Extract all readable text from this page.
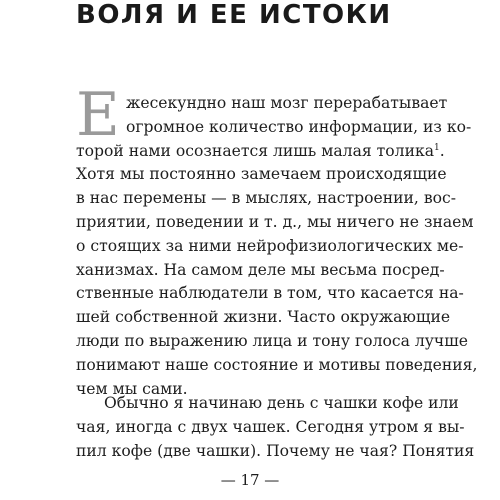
ВОЛЯ И ЕЕ ИСТОКИ
Е жесекундно наш мозг перерабатывает
огромное количество информации, из ко-
торой нами осознается лишь малая толика$^1$.
Хотя мы постоянно замечаем происходящие
в нас перемены — в мыслях, настроении, вос-
приятии, поведении и т. д., мы ничего не знаем
о стоящих за ними нейрофизиологических ме-
ханизмах. На самом деле мы весьма посред-
ственные наблюдатели в том, что касается на-
шей собственной жизни. Часто окружающие
люди по выражению лица и тону голоса лучше
понимают наше состояние и мотивы поведения,
чем мы сами.
Обычно я начинаю день с чашки кофе или
чая, иногда с двух чашек. Сегодня утром я вы-
пил кофе (две чашки). Почему не чая? Понятия

— 17 —
